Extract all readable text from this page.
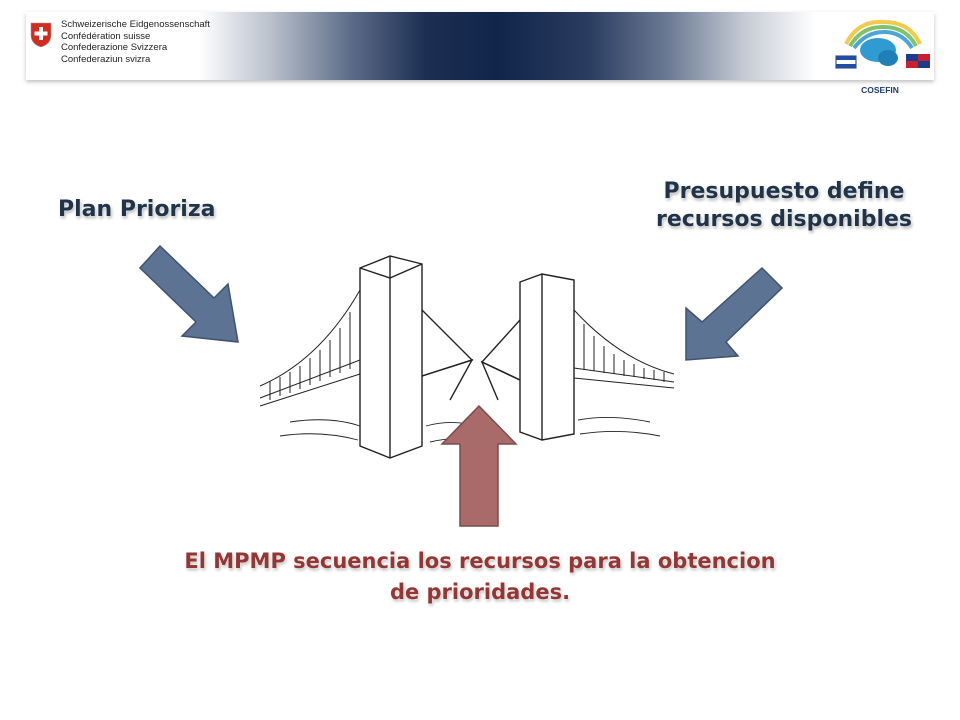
Schweizerische Eidgenossenschaft
Confédération suisse
Confederazione Svizzera
Confederaziun svizra
COSEFIN
Plan Prioriza
Presupuesto define
recursos disponibles
El MPMP secuencia los recursos para la obtencion
de prioridades.
